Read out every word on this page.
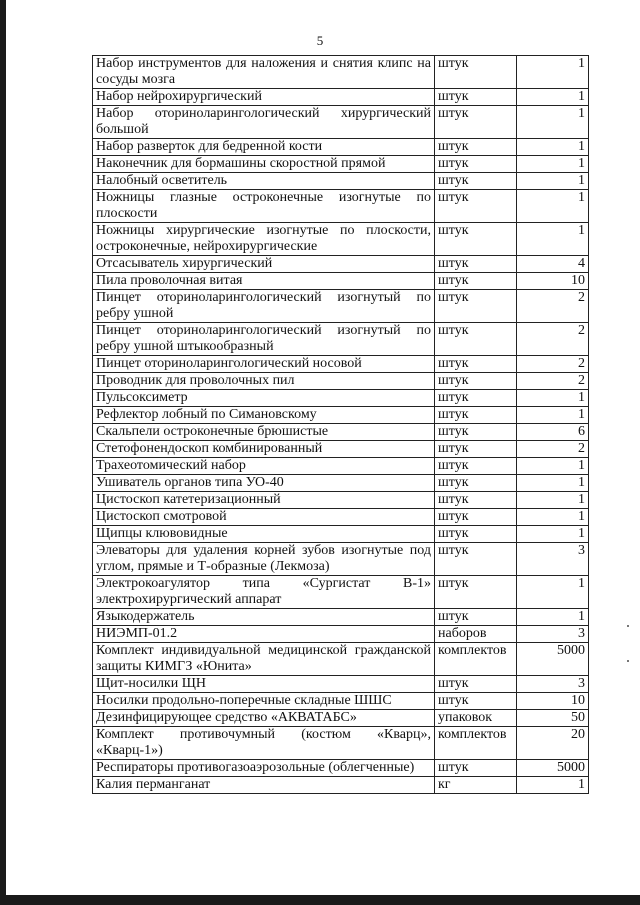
5
Набор инструментов для наложения и снятия клипс на сосуды мозга	штук	1
Набор нейрохирургический	штук	1
Набор оториноларингологический хирургический большой	штук	1
Набор разверток для бедренной кости	штук	1
Наконечник для бормашины скоростной прямой	штук	1
Налобный осветитель	штук	1
Ножницы глазные остроконечные изогнутые по плоскости	штук	1
Ножницы хирургические изогнутые по плоскости, остроконечные, нейрохирургические	штук	1
Отсасыватель хирургический	штук	4
Пила проволочная витая	штук	10
Пинцет оториноларингологический изогнутый по ребру ушной	штук	2
Пинцет оториноларингологический изогнутый по ребру ушной штыкообразный	штук	2
Пинцет оториноларингологический носовой	штук	2
Проводник для проволочных пил	штук	2
Пульсоксиметр	штук	1
Рефлектор лобный по Симановскому	штук	1
Скальпели остроконечные брюшистые	штук	6
Стетофонендоскоп комбинированный	штук	2
Трахеотомический набор	штук	1
Ушиватель органов типа УО-40	штук	1
Цистоскоп катетеризационный	штук	1
Цистоскоп смотровой	штук	1
Щипцы клювовидные	штук	1
Элеваторы для удаления корней зубов изогнутые под углом, прямые и Т-образные (Лекмоза)	штук	3
Электрокоагулятор типа «Сургистат В-1» электрохирургический аппарат	штук	1
Языкодержатель	штук	1
НИЭМП-01.2	наборов	3
Комплект индивидуальной медицинской гражданской защиты КИМГЗ «Юнита»	комплектов	5000
Щит-носилки ЩН	штук	3
Носилки продольно-поперечные складные ШШС	штук	10
Дезинфицирующее средство «АКВАТАБС»	упаковок	50
Комплект противочумный (костюм «Кварц», «Кварц-1»)	комплектов	20
Респираторы противогазоаэрозольные (облегченные)	штук	5000
Калия перманганат	кг	1
